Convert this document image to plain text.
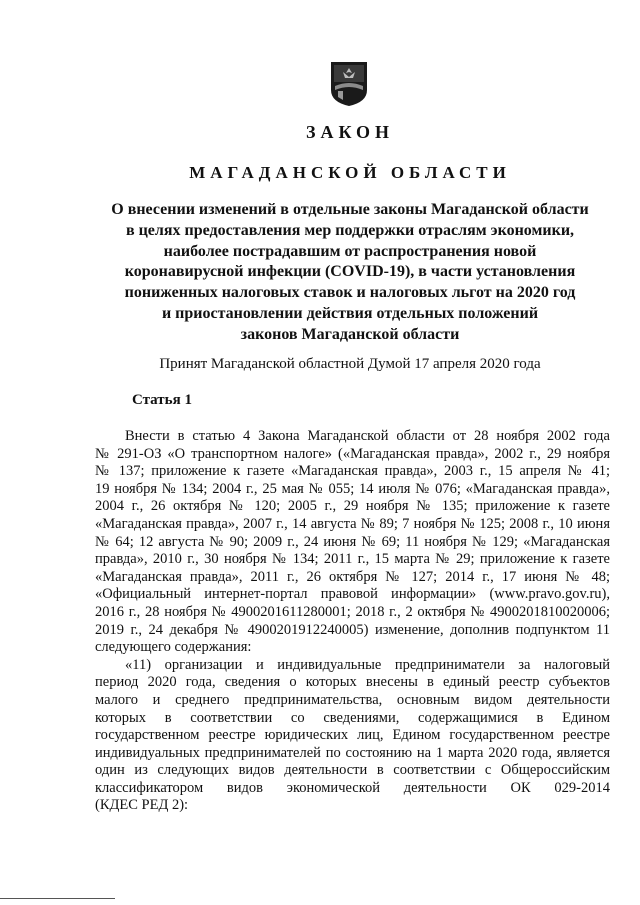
ЗАКОН
МАГАДАНСКОЙ ОБЛАСТИ
О внесении изменений в отдельные законы Магаданской области
в целях предоставления мер поддержки отраслям экономики,
наиболее пострадавшим от распространения новой
коронавирусной инфекции (COVID-19), в части установления
пониженных налоговых ставок и налоговых льгот на 2020 год
и приостановлении действия отдельных положений
законов Магаданской области
Принят Магаданской областной Думой 17 апреля 2020 года
Статья 1
Внести в статью 4 Закона Магаданской области от 28 ноября 2002 года
№ 291-ОЗ «О транспортном налоге» («Магаданская правда», 2002 г., 29 ноября
№ 137; приложение к газете «Магаданская правда», 2003 г., 15 апреля № 41;
19 ноября № 134; 2004 г., 25 мая № 055; 14 июля № 076; «Магаданская правда»,
2004 г., 26 октября № 120; 2005 г., 29 ноября № 135; приложение к газете
«Магаданская правда», 2007 г., 14 августа № 89; 7 ноября № 125; 2008 г., 10 июня
№ 64; 12 августа № 90; 2009 г., 24 июня № 69; 11 ноября № 129; «Магаданская
правда», 2010 г., 30 ноября № 134; 2011 г., 15 марта № 29; приложение к газете
«Магаданская правда», 2011 г., 26 октября № 127; 2014 г., 17 июня № 48;
«Официальный интернет-портал правовой информации» (www.pravo.gov.ru),
2016 г., 28 ноября № 4900201611280001; 2018 г., 2 октября № 4900201810020006;
2019 г., 24 декабря № 4900201912240005) изменение, дополнив подпунктом 11
следующего содержания:
«11) организации и индивидуальные предприниматели за налоговый
период 2020 года, сведения о которых внесены в единый реестр субъектов
малого и среднего предпринимательства, основным видом деятельности
которых в соответствии со сведениями, содержащимися в Едином
государственном реестре юридических лиц, Едином государственном реестре
индивидуальных предпринимателей по состоянию на 1 марта 2020 года, является
один из следующих видов деятельности в соответствии с Общероссийским
классификатором видов экономической деятельности ОК 029-2014
(КДЕС РЕД 2):
